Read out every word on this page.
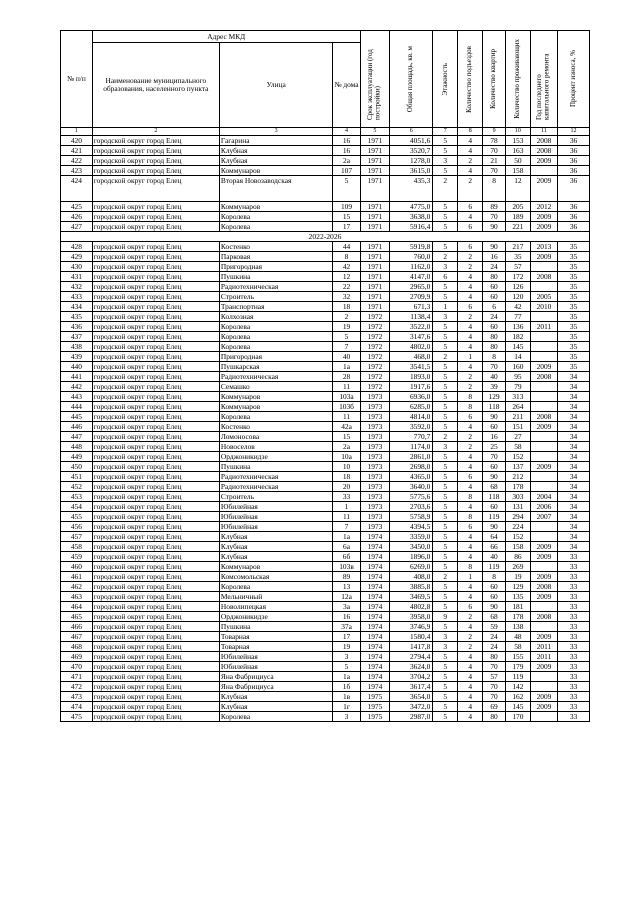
№ п/п	Адрес МКД			Срок эксплуатации (год постройки)	Общая площадь, кв. м	Этажность	Количество подъездов	Количество квартир	Количество проживающих	Год последнего капитального ремонта	Процент износа, %

	Наименование муниципального образования, населенного пункта	Улица	№ дома								
1	2	3	4	5	6	7	8	9	10	11	12
420	городской округ город Елец	Гагарина	16	1971	4051,6	5	4	78	153	2008	36
421	городской округ город Елец	Клубная	16	1971	3520,7	5	4	70	163	2008	36
422	городской округ город Елец	Клубная	2а	1971	1278,0	3	2	21	50	2009	36
423	городской округ город Елец	Коммунаров	107	1971	3615,0	5	4	70	158		36
424	городской округ город Елец	Вторая Новозаводская	5	1971	435,3	2	2	8	12	2009	36
425	городской округ город Елец	Коммунаров	109	1971	4775,0	5	6	89	205	2012	36
426	городской округ город Елец	Королева	15	1971	3638,0	5	4	70	189	2009	36
427	городской округ город Елец	Королева	17	1971	5916,4	5	6	90	221	2009	36
2022-2026											
428	городской округ город Елец	Костенко	44	1971	5919,8	5	6	90	217	2013	35
429	городской округ город Елец	Парковая	8	1971	760,0	2	2	16	35	2009	35
430	городской округ город Елец	Пригородная	42	1971	1162,0	3	2	24	57		35
431	городской округ город Елец	Пушкина	12	1971	4147,0	6	4	80	172	2008	35
432	городской округ город Елец	Радиотехническая	22	1971	2965,0	5	4	60	126		35
433	городской округ город Елец	Строитель	32	1971	2709,9	5	4	60	120	2005	35
434	городской округ город Елец	Транспортная	18	1971	671,3	1	6	6	42	2010	35
435	городской округ город Елец	Колхозная	2	1972	1138,4	3	2	24	77		35
436	городской округ город Елец	Королева	19	1972	3522,0	5	4	60	136	2011	35
437	городской округ город Елец	Королева	5	1972	3147,6	5	4	80	182		35
438	городской округ город Елец	Королева	7	1972	4802,0	5	4	80	145		35
439	городской округ город Елец	Пригородная	40	1972	468,0	2	1	8	14		35
440	городской округ город Елец	Пушкарская	1а	1972	3541,5	5	4	70	160	2009	35
441	городской округ город Елец	Радиотехническая	28	1972	1893,0	5	2	40	95	2008	34
442	городской округ город Елец	Семашко	11	1972	1917,6	5	2	39	79		34
443	городской округ город Елец	Коммунаров	103а	1973	6936,0	5	8	129	313		34
444	городской округ город Елец	Коммунаров	103б	1973	6285,0	5	8	118	264		34
445	городской округ город Елец	Королева	11	1973	4814,0	5	6	90	211	2008	34
446	городской округ город Елец	Костенко	42а	1973	3592,0	5	4	60	151	2009	34
447	городской округ город Елец	Ломоносова	15	1973	770,7	2	2	16	27		34
448	городской округ город Елец	Новоселов	2а	1973	1174,0	3	2	25	58		34
449	городской округ город Елец	Орджоникидзе	10а	1973	2861,0	5	4	70	152		34
450	городской округ город Елец	Пушкина	10	1973	2698,0	5	4	60	137	2009	34
451	городской округ город Елец	Радиотехническая	18	1973	4365,0	5	6	90	212		34
452	городской округ город Елец	Радиотехническая	20	1973	3640,0	5	4	68	178		34
453	городской округ город Елец	Строитель	33	1973	5775,6	5	8	118	303	2004	34
454	городской округ город Елец	Юбилейная	1	1973	2703,6	5	4	60	131	2006	34
455	городской округ город Елец	Юбилейная	11	1973	5758,9	5	8	119	294	2007	34
456	городской округ город Елец	Юбилейная	7	1973	4394,5	5	6	90	224		34
457	городской округ город Елец	Клубная	1а	1974	3359,0	5	4	64	152		34
458	городской округ город Елец	Клубная	6а	1974	3450,0	5	4	66	158	2009	34
459	городской округ город Елец	Клубная	6б	1974	1896,0	5	4	40	86	2009	33
460	городской округ город Елец	Коммунаров	103в	1974	6269,0	5	8	119	269		33
461	городской округ город Елец	Комсомольская	89	1974	408,0	2	1	8	19	2009	33
462	городской округ город Елец	Королева	13	1974	3885,8	5	4	60	129	2008	33
463	городской округ город Елец	Мельничный	12а	1974	3469,5	5	4	60	135	2009	33
464	городской округ город Елец	Новолипецкая	3а	1974	4802,8	5	6	90	181		33
465	городской округ город Елец	Орджоникидзе	16	1974	3958,0	9	2	68	178	2008	33
466	городской округ город Елец	Пушкина	37а	1974	3746,9	5	4	59	138		33
467	городской округ город Елец	Товарная	17	1974	1580,4	3	2	24	48	2009	33
468	городской округ город Елец	Товарная	19	1974	1417,8	3	2	24	58	2011	33
469	городской округ город Елец	Юбилейная	3	1974	2794,4	5	4	80	155	2011	33
470	городской округ город Елец	Юбилейная	5	1974	3624,0	5	4	70	179	2009	33
471	городской округ город Елец	Яна Фабрициуса	1а	1974	3704,2	5	4	57	119		33
472	городской округ город Елец	Яна Фабрициуса	1б	1974	3617,4	5	4	70	142		33
473	городской округ город Елец	Клубная	1в	1975	3654,0	5	4	70	162	2009	33
474	городской округ город Елец	Клубная	1г	1975	3472,0	5	4	69	145	2009	33
475	городской округ город Елец	Королева	3	1975	2987,0	5	4	80	170		33
